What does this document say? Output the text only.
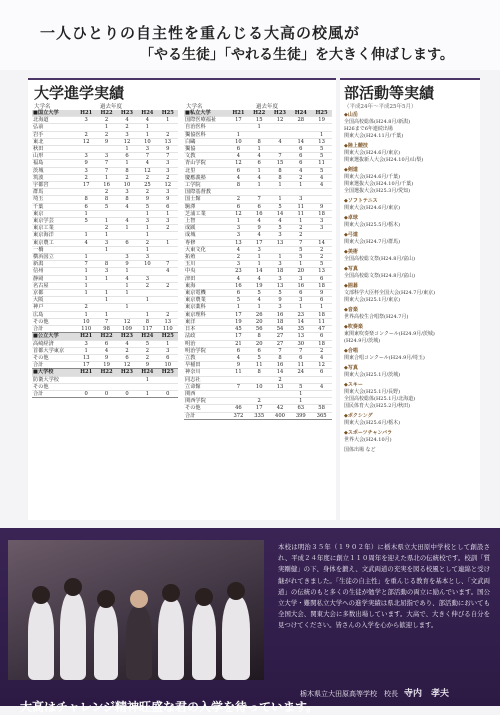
一人ひとりの自主性を重んじる大高の校風が
「やる生徒」「やれる生徒」を大きく伸ばします。
大学進学実績
大学名	過去年度	大学名	過去年度
■国立大学	H21	H22	H23	H24	H25
北海道	3	2	4	4	1
弘前		1	2	1	
岩手	2	2	3	1	2
東北	12	9	12	10	13
秋田			1	3	9
山形	3	3	6	7	7
福島	9	7	1	4	3
茨城	3	7	8	12	3
筑波	2	1	2	2	2
宇都宮	17	16	10	25	12
群馬		2	3	2	3
埼玉	8	8	8	9	9
千葉	6	5	4	5	6
東京	1			1	1
東京学芸	5	1	4	3	3
東京工業		2	1	1	2
東京海洋	1	1		1	
東京農工	4	3	6	2	1
一橋		1		1	
横浜国立	1		3	3	
新潟	7	8	9	10	7
信州	1	3	1		4
静岡	1	1	4	3	
名古屋	1		1	2	2
京都	1	1	1		
大阪		1		1	
神戸	2		1		
広島	1	1		1	2
その他	10	7	12	8	13
合計	110	98	109	117	110
■公立大学	H21	H22	H23	H24	H25
高崎経済	3	6	4	5	1
首都大学東京	1	4	2	2	3
その他	13	9	6	2	6
合計	17	19	12	9	10
■大学校	H21	H22	H23	H24	H25
防衛大学校				1	
その他					
合計	0	0	0	1	0
■私立大学	H21	H22	H23	H24	H25
国際医療福祉	17	15	12	28	19
自治医科		1			
獨協医科	1				1
白鷗	10	8	4	14	13
獨協	6	1		6	5
文教	4	4	7	6	5
青山学院	12	6	15	6	11
北里	6	1	8	4	5
慶應義塾	4	4	8	2	4
工学院	8	1	1	1	4
国際基督教					
国士館	2	7	1	3	
駒澤	6	6	5	11	9
芝浦工業	12	16	14	11	18
上智	1	4	4	1	3
成蹊	3	9	5	2	3
成城	3	4	3	2	
専修	13	17	13	7	14
大東文化	4	3		5	2
拓殖	2	1	1	5	2
玉川	3	1	3	1	5
中央	23	14	18	20	13
津田	4	4	3	3	6
東海	16	19	13	16	18
東京電機	6	5	5	6	9
東京農業	5	4	9	3	6
東京薬科	1	1	3	1	1
東京理科	17	26	16	23	18
東洋	19	20	18	14	11
日本	45	56	54	35	47
法政	17	8	27	13	6
明治	21	20	27	30	18
明治学院	6	6	7	7	2
立教	4	5	8	6	4
早稲田	9	11	16	11	12
神奈川	11	8	14	24	6
同志社			2		
立命館	7	10	13	5	4
関西				1	
関西学院		2		1	
その他	46	17	42	63	58
合計	372	335	400	399	365
部活動等実績
（平成24年〜平成25年5月）
◆山岳
全国高校総体(H24.8月/新潟)
H26まで6年連続出場
関東大会(H24.11月/千葉)
◆陸上競技
関東大会(H24.6月/東京)
関東選抜新人大会(H24.10月/山梨)
◆剣道
関東大会(H24.6月/千葉)
関東選抜大会(H24.10月/千葉)
全国選抜大会(H25.3月/愛知)
◆ソフトテニス
関東大会(H24.6月/東京)
◆卓球
関東大会(H25.5月/栃木)
◆弓道
関東大会(H24.7月/群馬)
◆美術
全国高校総文祭(H24.8月/富山)
◆写真
全国高校総文祭(H24.8月/富山)
◆囲碁
文部科学大臣杯全国大会(H24.7月/東京)
関東大会(H25.1月/東京)
◆音楽
世界高校生合唱祭(H24.7月)
◆吹奏楽
東関東吹奏楽コンクール(H24.9月/茨城)
(H24.9月/茨城)
◆合唱
関東合唱コンクール(H24.9月/埼玉)
◆写真
関東大会(H25.1月/茨城)
◆スキー
関東大会(H25.1月/長野)
全国高校総体(H25.1月/北海道)
国民体育大会(H25.2月/秋田)
◆ボクシング
関東大会(H25.6月/栃木)
◆スポーツチャンバラ
世界大会(H24.10月)
国体出場 など
大高はチャレンジ精神旺盛な君の入学を待っています。
本校は明治３５年（１９０２年）に栃木県立大田原中学校として創設され、平成２４年度に創立１１０周年を迎えた県北の伝統校です。校訓「質実剛健」の下、身体を鍛え、文武両道の充実を図る校風として連綿と受け継がれてきました。「生徒の自主性」を重んじる教育を基本とし、「文武両道」の伝統のもと多くの生徒が勉学と部活動の両立に励んでいます。国公立大学・難関私立大学への進学実績は県北屈指であり、部活動においても全国大会、関東大会に多数出場しています。大高で、大きく伸びる自分を見つけてください。皆さんの入学を心から歓迎します。
栃木県立大田原高等学校　校長 寺内　孝夫
